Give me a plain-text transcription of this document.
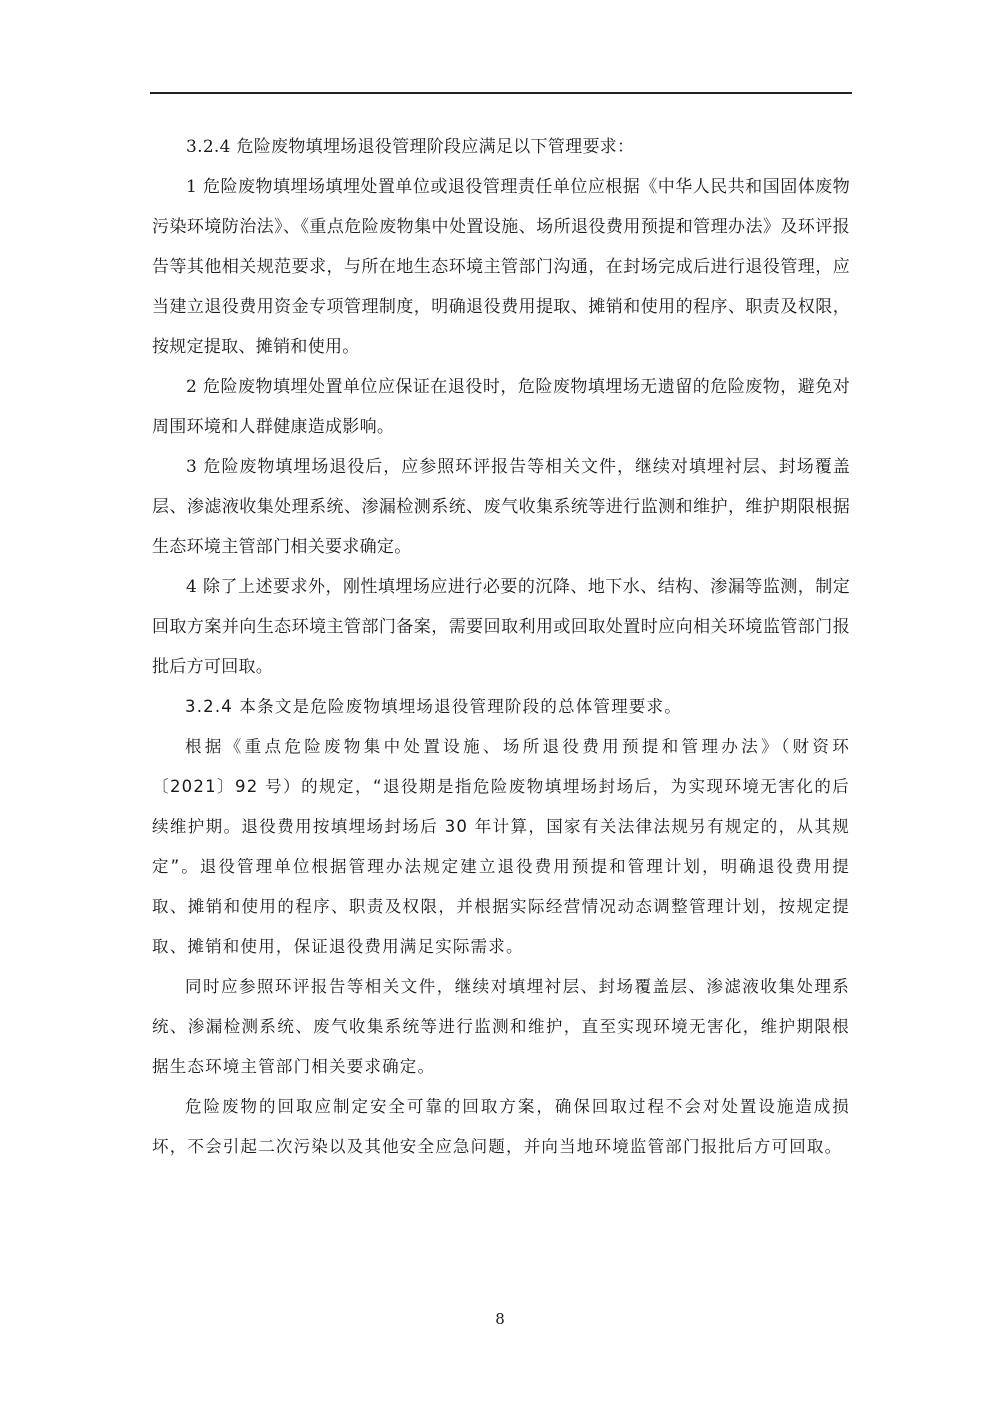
3.2.4 危险废物填埋场退役管理阶段应满足以下管理要求：

1 危险废物填埋场填埋处置单位或退役管理责任单位应根据《中华人民共和国固体废物污染环境防治法》、《重点危险废物集中处置设施、场所退役费用预提和管理办法》及环评报告等其他相关规范要求，与所在地生态环境主管部门沟通，在封场完成后进行退役管理，应当建立退役费用资金专项管理制度，明确退役费用提取、摊销和使用的程序、职责及权限，按规定提取、摊销和使用。

2 危险废物填埋处置单位应保证在退役时，危险废物填埋场无遗留的危险废物，避免对周围环境和人群健康造成影响。

3 危险废物填埋场退役后，应参照环评报告等相关文件，继续对填埋衬层、封场覆盖层、渗滤液收集处理系统、渗漏检测系统、废气收集系统等进行监测和维护，维护期限根据生态环境主管部门相关要求确定。

4 除了上述要求外，刚性填埋场应进行必要的沉降、地下水、结构、渗漏等监测，制定回取方案并向生态环境主管部门备案，需要回取利用或回取处置时应向相关环境监管部门报批后方可回取。

3.2.4 本条文是危险废物填埋场退役管理阶段的总体管理要求。

根据《重点危险废物集中处置设施、场所退役费用预提和管理办法》（财资环〔2021〕92 号）的规定，“退役期是指危险废物填埋场封场后，为实现环境无害化的后续维护期。退役费用按填埋场封场后 30 年计算，国家有关法律法规另有规定的，从其规定”。退役管理单位根据管理办法规定建立退役费用预提和管理计划，明确退役费用提取、摊销和使用的程序、职责及权限，并根据实际经营情况动态调整管理计划，按规定提取、摊销和使用，保证退役费用满足实际需求。

同时应参照环评报告等相关文件，继续对填埋衬层、封场覆盖层、渗滤液收集处理系统、渗漏检测系统、废气收集系统等进行监测和维护，直至实现环境无害化，维护期限根据生态环境主管部门相关要求确定。

危险废物的回取应制定安全可靠的回取方案，确保回取过程不会对处置设施造成损坏，不会引起二次污染以及其他安全应急问题，并向当地环境监管部门报批后方可回取。

8
